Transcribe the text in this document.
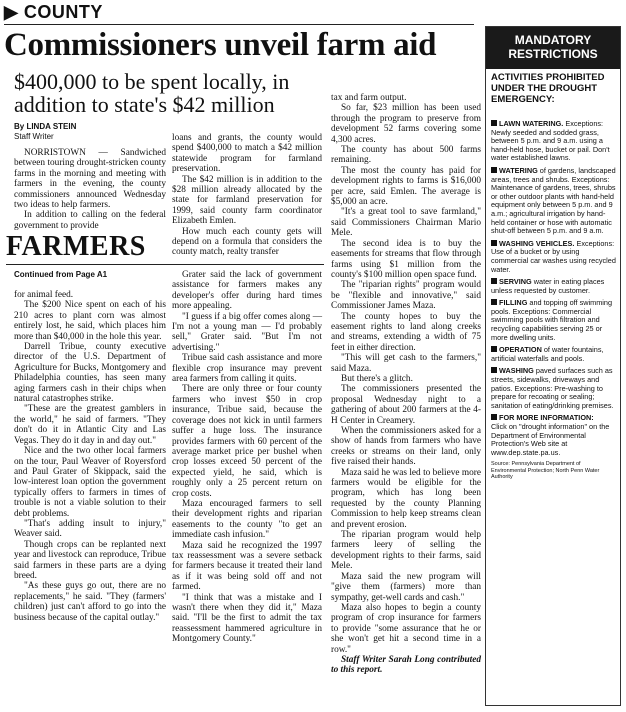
▶ COUNTY
Commissioners unveil farm aid
$400,000 to be spent locally, in addition to state's $42 million
By LINDA STEIN
Staff Writer

NORRISTOWN — Sandwiched between touring drought-stricken county farms in the morning and meeting with farmers in the evening, the county commissioners announced Wednesday two ideas to help farmers.

In addition to calling on the federal government to provide

loans and grants, the county would spend $400,000 to match a $42 million statewide program for farmland preservation.

The $42 million is in addition to the $28 million already allocated by the state for farmland preservation for 1999, said county farm coordinator Elizabeth Emlen.

How much each county gets will depend on a formula that considers the county match, realty transfer

tax and farm output.

So far, $23 million has been used through the program to preserve from development 52 farms covering some 4,300 acres.

The county has about 500 farms remaining.

The most the county has paid for development rights to farms is $16,000 per acre, said Emlen. The average is $5,000 an acre.

"It's a great tool to save farmland," said Commissioners Chairman Mario Mele.

The second idea is to buy the easements for streams that flow through farms using $1 million from the county's $100 million open space fund.

The "riparian rights" program would be "flexible and innovative," said Commissioner James Maza.

The county hopes to buy the easement rights to land along creeks and streams, extending a width of 75 feet in either direction.

"This will get cash to the farmers," said Maza.

But there's a glitch.

The commissioners presented the proposal Wednesday night to a gathering of about 200 farmers at the 4-H Center in Creamery.

When the commissioners asked for a show of hands from farmers who have creeks or streams on their land, only five raised their hands.

Maza said he was led to believe more farmers would be eligible for the program, which has long been requested by the county Planning Commission to help keep streams clean and prevent erosion.

The riparian program would help farmers leery of selling the development rights to their farms, said Mele.

Maza said the new program will "give them (farmers) more than sympathy, get-well cards and cash."

Maza also hopes to begin a county program of crop insurance for farmers to provide "some assurance that he or she won't get hit a second time in a row."

Staff Writer Sarah Long contributed to this report.

FARMERS
Continued from Page A1

for animal feed.

The $200 Nice spent on each of his 210 acres to plant corn was almost entirely lost, he said, which places him more than $40,000 in the hole this year.

Darrell Tribue, county executive director of the U.S. Department of Agriculture for Bucks, Montgomery and Philadelphia counties, has seen many aging farmers cash in their chips when natural catastrophes strike.

"These are the greatest gamblers in the world," he said of farmers. "They don't do it in Atlantic City and Las Vegas. They do it day in and day out."

Nice and the two other local farmers on the tour, Paul Weaver of Royersford and Paul Grater of Skippack, said the low-interest loan option the government typically offers to farmers in times of trouble is not a viable solution to their debt problems.

"That's adding insult to injury," Weaver said.

Though crops can be replanted next year and livestock can reproduce, Tribue said farmers in these parts are a dying breed.

"As these guys go out, there are no replacements," he said. "They (farmers' children) just can't afford to go into the business because of the capital outlay."

Grater said the lack of government assistance for farmers makes any developer's offer during hard times more appealing.

"I guess if a big offer comes along — I'm not a young man — I'd probably sell," Grater said. "But I'm not advertising."

Tribue said cash assistance and more flexible crop insurance may prevent area farmers from calling it quits.

There are only three or four county farmers who invest $50 in crop insurance, Tribue said, because the coverage does not kick in until farmers suffer a huge loss. The insurance provides farmers with 60 percent of the average market price per bushel when crop losses exceed 50 percent of the expected yield, he said, which is roughly only a 25 percent return on crop costs.

Maza encouraged farmers to sell their development rights and riparian easements to the county "to get an immediate cash infusion."

Maza said he recognized the 1997 tax reassessment was a severe setback for farmers because it treated their land as if it was being sold off and not farmed.

"I think that was a mistake and I wasn't there when they did it," Maza said. "I'll be the first to admit the tax reassessment hammered agriculture in Montgomery County."

MANDATORY
RESTRICTIONS
ACTIVITIES PROHIBITED UNDER THE DROUGHT EMERGENCY:

LAWN WATERING. Exceptions: Newly seeded and sodded grass, between 5 p.m. and 9 a.m. using a hand-held hose, bucket or pail. Don't water established lawns.

WATERING of gardens, landscaped areas, trees and shrubs. Exceptions: Maintenance of gardens, trees, shrubs or other outdoor plants with hand-held equipment only between 5 p.m. and 9 a.m.; agricultural irrigation by hand-held container or hose with automatic shut-off between 5 p.m. and 9 a.m.

WASHING VEHICLES. Exceptions: Use of a bucket or by using commercial car washes using recycled water.

SERVING water in eating places unless requested by customer.

FILLING and topping off swimming pools. Exceptions: Commercial swimming pools with filtration and recycling capabilities serving 25 or more dwelling units.

OPERATION of water fountains, artificial waterfalls and pools.

WASHING paved surfaces such as streets, sidewalks, driveways and patios. Exceptions: Pre-washing to prepare for recoating or sealing; sanitation of eating/drinking premises.

FOR MORE INFORMATION:
Click on "drought information" on the Department of Environmental Protection's Web site at www.dep.state.pa.us.

Source: Pennsylvania Department of Environmental Protection; North Penn Water Authority
